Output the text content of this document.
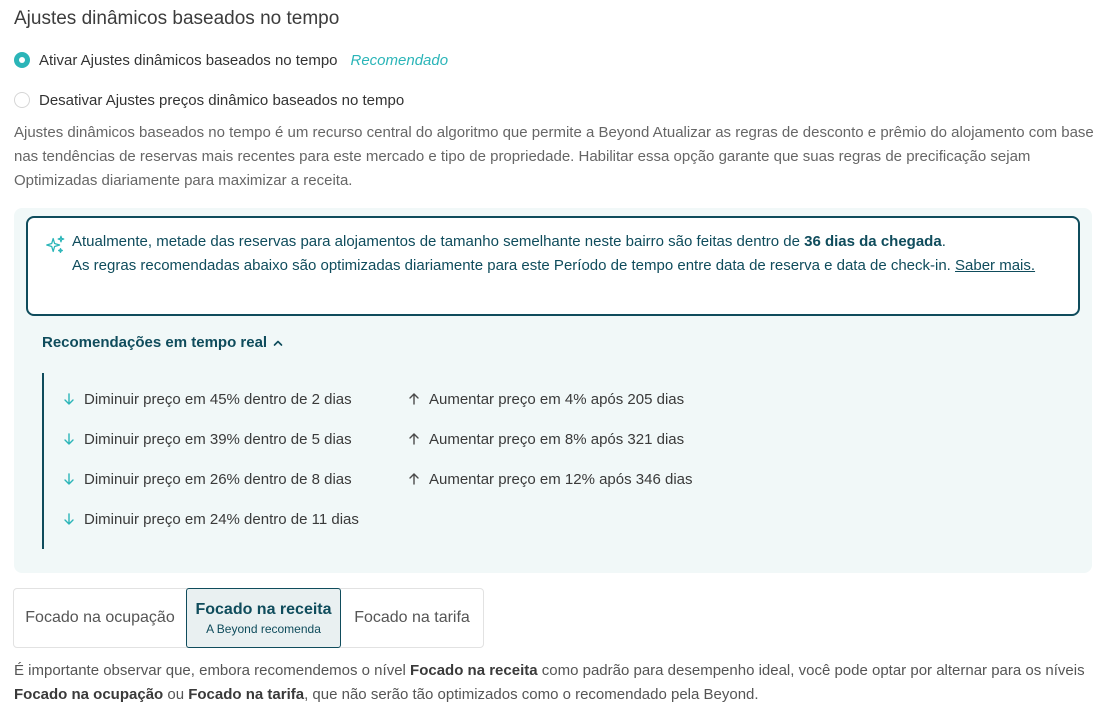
Ajustes dinâmicos baseados no tempo
Ativar Ajustes dinâmicos baseados no tempo Recomendado
Desativar Ajustes preços dinâmico baseados no tempo
Ajustes dinâmicos baseados no tempo é um recurso central do algoritmo que permite a Beyond Atualizar as regras de desconto e prêmio do alojamento com base nas tendências de reservas mais recentes para este mercado e tipo de propriedade. Habilitar essa opção garante que suas regras de precificação sejam Optimizadas diariamente para maximizar a receita.
Atualmente, metade das reservas para alojamentos de tamanho semelhante neste bairro são feitas dentro de 36 dias da chegada.
As regras recomendadas abaixo são optimizadas diariamente para este Período de tempo entre data de reserva e data de check-in. Saber mais.
Recomendações em tempo real
Diminuir preço em 45% dentro de 2 dias
Diminuir preço em 39% dentro de 5 dias
Diminuir preço em 26% dentro de 8 dias
Diminuir preço em 24% dentro de 11 dias
Aumentar preço em 4% após 205 dias
Aumentar preço em 8% após 321 dias
Aumentar preço em 12% após 346 dias
Focado na ocupação Focado na receita
A Beyond recomenda
Focado na tarifa
É importante observar que, embora recomendemos o nível Focado na receita como padrão para desempenho ideal, você pode optar por alternar para os níveis Focado na ocupação ou Focado na tarifa, que não serão tão optimizados como o recomendado pela Beyond.
